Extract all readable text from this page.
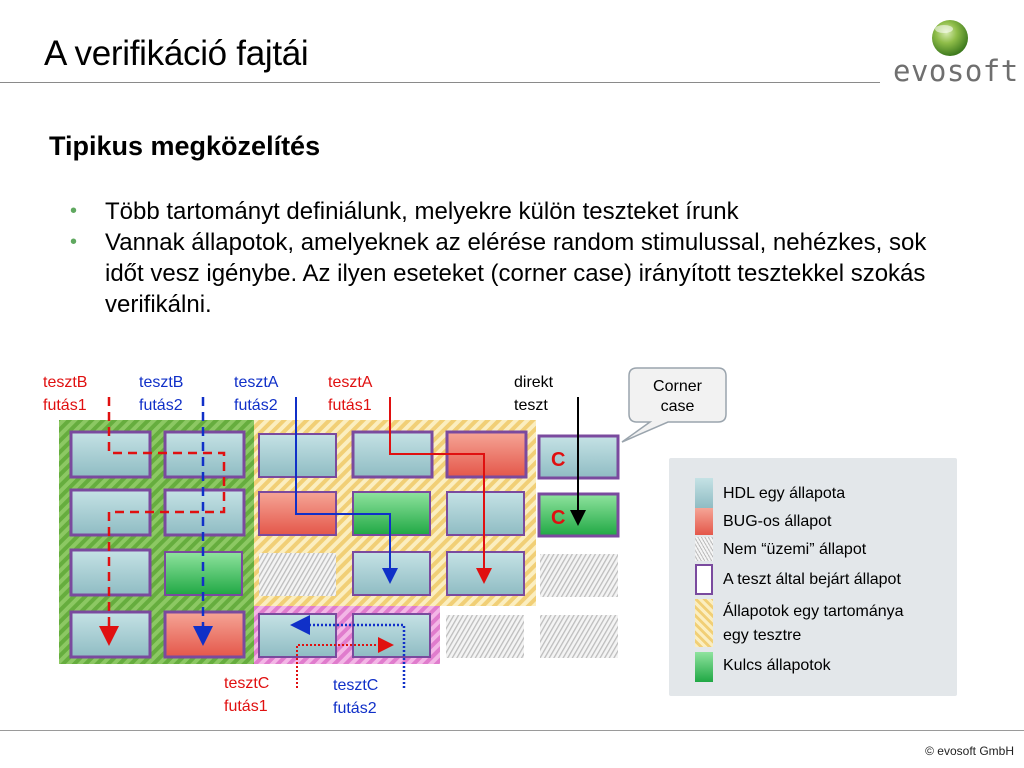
A verifikáció fajtái	evosoft
Tipikus megközelítés
• Több tartományt definiálunk, melyekre külön teszteket írunk
• Vannak állapotok, amelyeknek az elérése random stimulussal, nehézkes, sok időt vesz igénybe. Az ilyen eseteket (corner case) irányított tesztekkel szokás verifikálni.
C
C
tesztB futás1
tesztB futás2
tesztA futás2
tesztA futás1
direkt teszt
tesztC futás1
tesztC futás2
Corner
case
HDL egy állapota
BUG-os állapot
Nem “üzemi” állapot
A teszt által bejárt állapot
Állapotok egy tartománya
egy tesztre
Kulcs állapotok
© evosoft GmbH
